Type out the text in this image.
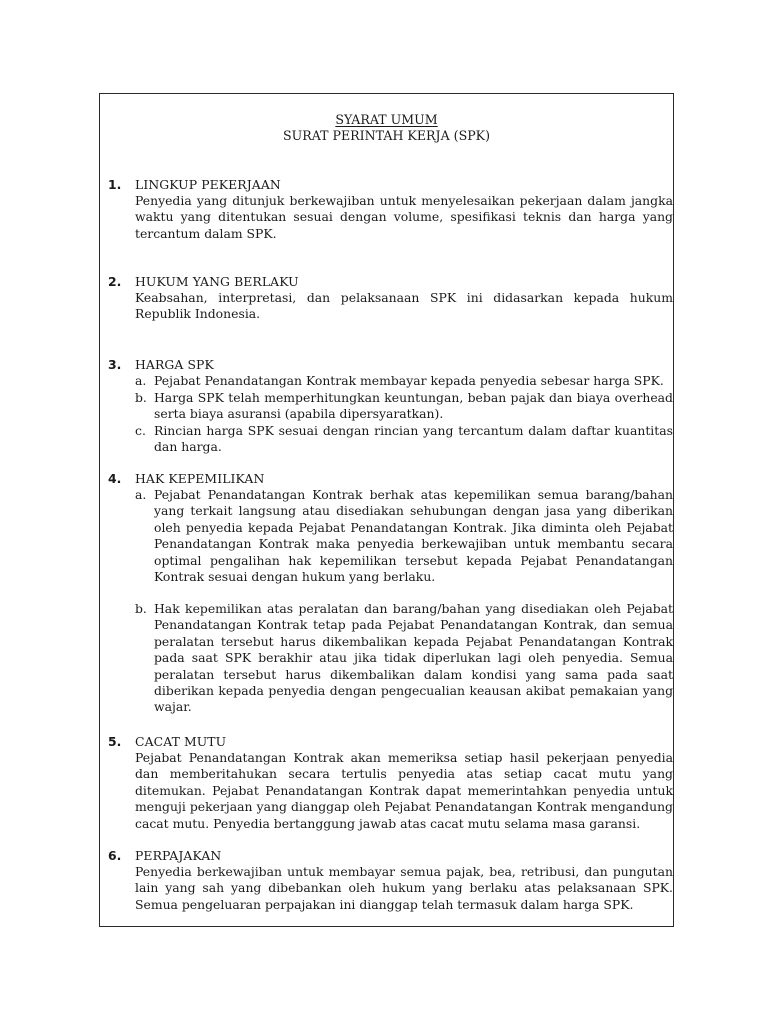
SYARAT UMUM

SURAT PERINTAH KERJA (SPK)
1. LINGKUP PEKERJAAN
Penyedia yang ditunjuk berkewajiban untuk menyelesaikan pekerjaan dalam jangka waktu yang ditentukan sesuai dengan volume, spesifikasi teknis dan harga yang tercantum dalam SPK.
2. HUKUM YANG BERLAKU
Keabsahan, interpretasi, dan pelaksanaan SPK ini didasarkan kepada hukum Republik Indonesia.
3. HARGA SPK
a. Pejabat Penandatangan Kontrak membayar kepada penyedia sebesar harga SPK.
b. Harga SPK telah memperhitungkan keuntungan, beban pajak dan biaya overhead serta biaya asuransi (apabila dipersyaratkan).
c. Rincian harga SPK sesuai dengan rincian yang tercantum dalam daftar kuantitas dan harga.
4. HAK KEPEMILIKAN
a. Pejabat Penandatangan Kontrak berhak atas kepemilikan semua barang/bahan yang terkait langsung atau disediakan sehubungan dengan jasa yang diberikan oleh penyedia kepada Pejabat Penandatangan Kontrak. Jika diminta oleh Pejabat Penandatangan Kontrak maka penyedia berkewajiban untuk membantu secara optimal pengalihan hak kepemilikan tersebut kepada Pejabat Penandatangan Kontrak sesuai dengan hukum yang berlaku.
b. Hak kepemilikan atas peralatan dan barang/bahan yang disediakan oleh Pejabat Penandatangan Kontrak tetap pada Pejabat Penandatangan Kontrak, dan semua peralatan tersebut harus dikembalikan kepada Pejabat Penandatangan Kontrak pada saat SPK berakhir atau jika tidak diperlukan lagi oleh penyedia. Semua peralatan tersebut harus dikembalikan dalam kondisi yang sama pada saat diberikan kepada penyedia dengan pengecualian keausan akibat pemakaian yang wajar.
5. CACAT MUTU
Pejabat Penandatangan Kontrak akan memeriksa setiap hasil pekerjaan penyedia dan memberitahukan secara tertulis penyedia atas setiap cacat mutu yang ditemukan. Pejabat Penandatangan Kontrak dapat memerintahkan penyedia untuk menguji pekerjaan yang dianggap oleh Pejabat Penandatangan Kontrak mengandung cacat mutu. Penyedia bertanggung jawab atas cacat mutu selama masa garansi.
6. PERPAJAKAN
Penyedia berkewajiban untuk membayar semua pajak, bea, retribusi, dan pungutan lain yang sah yang dibebankan oleh hukum yang berlaku atas pelaksanaan SPK. Semua pengeluaran perpajakan ini dianggap telah termasuk dalam harga SPK.
